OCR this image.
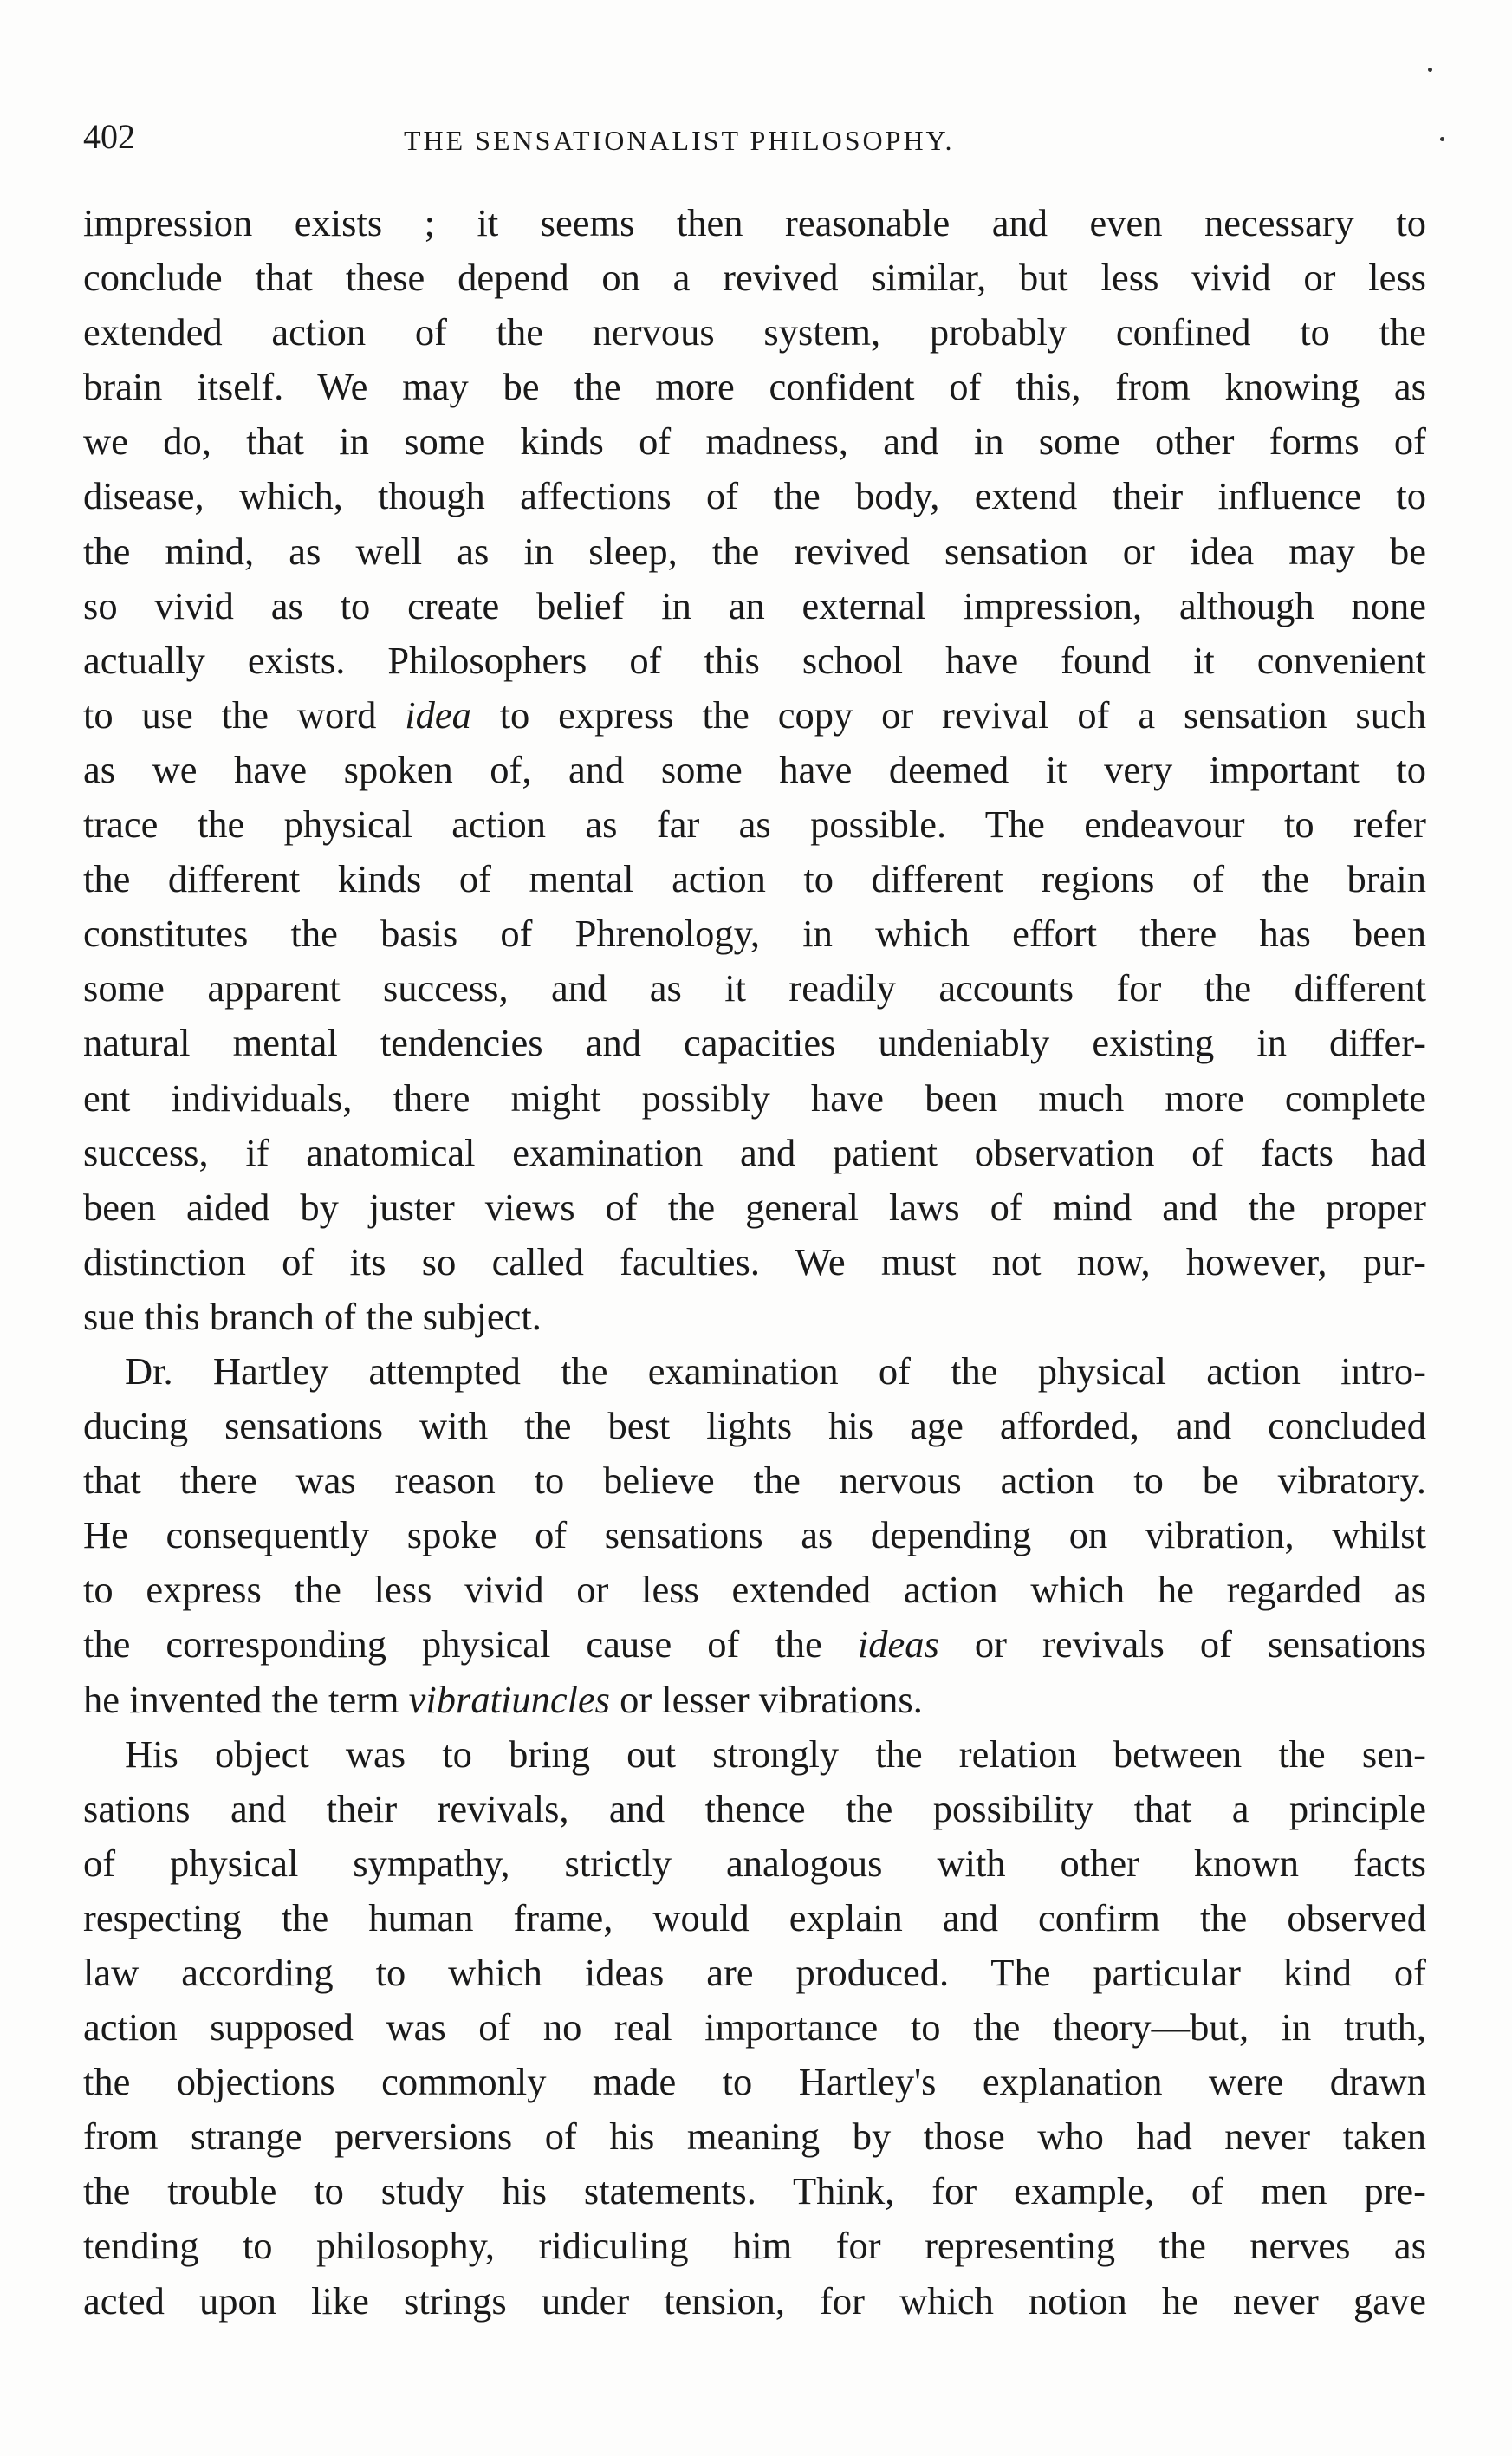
402	THE SENSATIONALIST PHILOSOPHY.
impression exists ; it seems then reasonable and even necessary to
conclude that these depend on a revived similar, but less vivid or less
extended action of the nervous system, probably confined to the
brain itself. We may be the more confident of this, from knowing as
we do, that in some kinds of madness, and in some other forms of
disease, which, though affections of the body, extend their influence to
the mind, as well as in sleep, the revived sensation or idea may be
so vivid as to create belief in an external impression, although none
actually exists. Philosophers of this school have found it convenient
to use the word idea to express the copy or revival of a sensation such
as we have spoken of, and some have deemed it very important to
trace the physical action as far as possible. The endeavour to refer
the different kinds of mental action to different regions of the brain
constitutes the basis of Phrenology, in which effort there has been
some apparent success, and as it readily accounts for the different
natural mental tendencies and capacities undeniably existing in differ-
ent individuals, there might possibly have been much more complete
success, if anatomical examination and patient observation of facts had
been aided by juster views of the general laws of mind and the proper
distinction of its so called faculties. We must not now, however, pur-
sue this branch of the subject.
Dr. Hartley attempted the examination of the physical action intro-
ducing sensations with the best lights his age afforded, and concluded
that there was reason to believe the nervous action to be vibratory.
He consequently spoke of sensations as depending on vibration, whilst
to express the less vivid or less extended action which he regarded as
the corresponding physical cause of the ideas or revivals of sensations
he invented the term vibratiuncles or lesser vibrations.
His object was to bring out strongly the relation between the sen-
sations and their revivals, and thence the possibility that a principle
of physical sympathy, strictly analogous with other known facts
respecting the human frame, would explain and confirm the observed
law according to which ideas are produced. The particular kind of
action supposed was of no real importance to the theory—but, in truth,
the objections commonly made to Hartley's explanation were drawn
from strange perversions of his meaning by those who had never taken
the trouble to study his statements. Think, for example, of men pre-
tending to philosophy, ridiculing him for representing the nerves as
acted upon like strings under tension, for which notion he never gave
